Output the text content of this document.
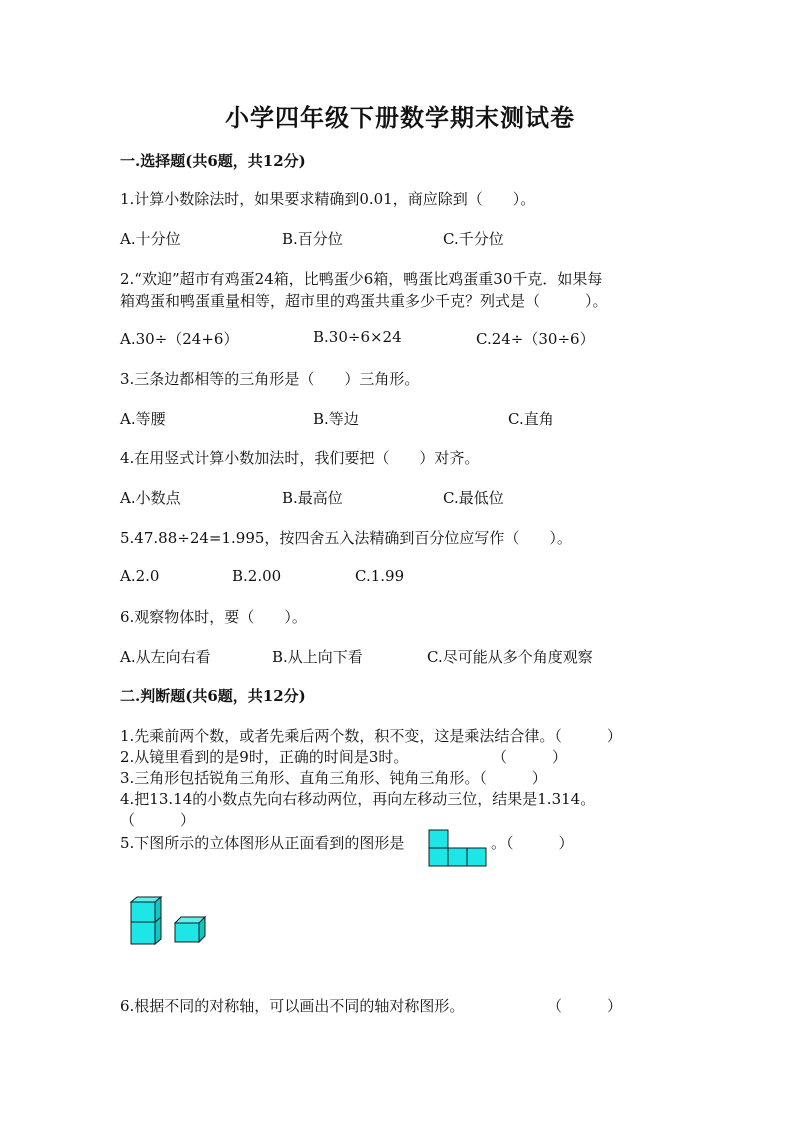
小学四年级下册数学期末测试卷
一.选择题(共6题，共12分)
1.计算小数除法时，如果要求精确到0.01，商应除到（　　）。
A.十分位	B.百分位	C.千分位
2.“欢迎”超市有鸡蛋24箱，比鸭蛋少6箱，鸭蛋比鸡蛋重30千克．如果每
箱鸡蛋和鸭蛋重量相等，超市里的鸡蛋共重多少千克？列式是（　　　）。
A.30÷（24+6）	B.30÷6×24	C.24÷（30÷6）
3.三条边都相等的三角形是（　　）三角形。
A.等腰	B.等边	C.直角
4.在用竖式计算小数加法时，我们要把（　　）对齐。
A.小数点	B.最高位	C.最低位
5.47.88÷24=1.995，按四舍五入法精确到百分位应写作（　　）。
A.2.0	B.2.00	C.1.99
6.观察物体时，要（　　）。
A.从左向右看	B.从上向下看	C.尽可能从多个角度观察
二.判断题(共6题，共12分)
1.先乘前两个数，或者先乘后两个数，积不变，这是乘法结合律。（　　　）
2.从镜里看到的是9时，正确的时间是3时。	（　　　）
3.三角形包括锐角三角形、直角三角形、钝角三角形。（　　　）
4.把13.14的小数点先向右移动两位，再向左移动三位，结果是1.314。
（　　　）
5.下图所示的立体图形从正面看到的图形是	。（　　　）
6.根据不同的对称轴，可以画出不同的轴对称图形。	（　　　）
